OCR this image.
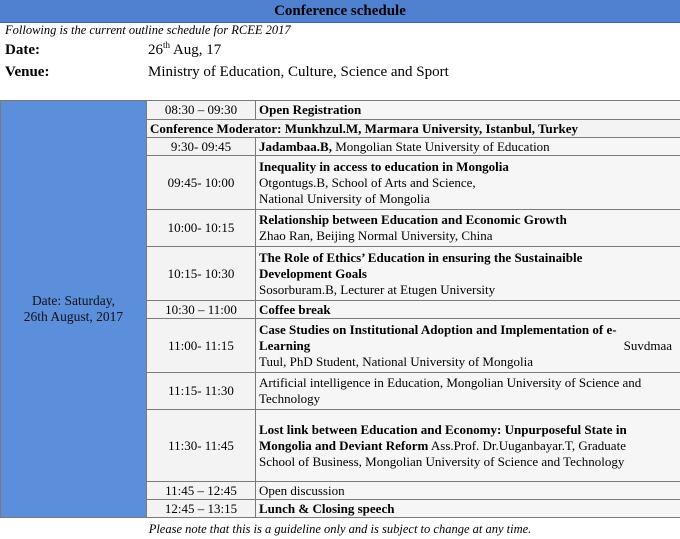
Conference schedule
Following is the current outline schedule for RCEE 2017
Date:	26th Aug, 17
Venue:	Ministry of Education, Culture, Science and Sport
Date: Saturday,
26th August, 2017	08:30 – 09:30	Open Registration
	Conference Moderator: Munkhzul.M, Marmara University, Istanbul, Turkey	
	9:30- 09:45	Jadambaa.B, Mongolian State University of Education
	09:45- 10:00	Inequality in access to education in Mongolia
Otgontugs.B, School of Arts and Science,
National University of Mongolia

	10:00- 10:15	Relationship between Education and Economic Growth
Zhao Ran, Beijing Normal University, China

	10:15- 10:30	The Role of Ethics’ Education in ensuring the Sustainaible
Development Goals
Sosorburam.B, Lecturer at Etugen University

	10:30 – 11:00	Coffee break
	11:00- 11:15	Case Studies on Institutional Adoption and Implementation of e-
Learning Suvdmaa
Tuul, PhD Student, National University of Mongolia

	11:15- 11:30	Artificial intelligence in Education, Mongolian University of Science and
Technology

	11:30- 11:45	Lost link between Education and Economy: Unpurposeful State in
Mongolia and Deviant Reform Ass.Prof. Dr.Uuganbayar.T, Graduate
School of Business, Mongolian University of Science and Technology

	11:45 – 12:45	Open discussion
	12:45 – 13:15	Lunch & Closing speech
Please note that this is a guideline only and is subject to change at any time.
